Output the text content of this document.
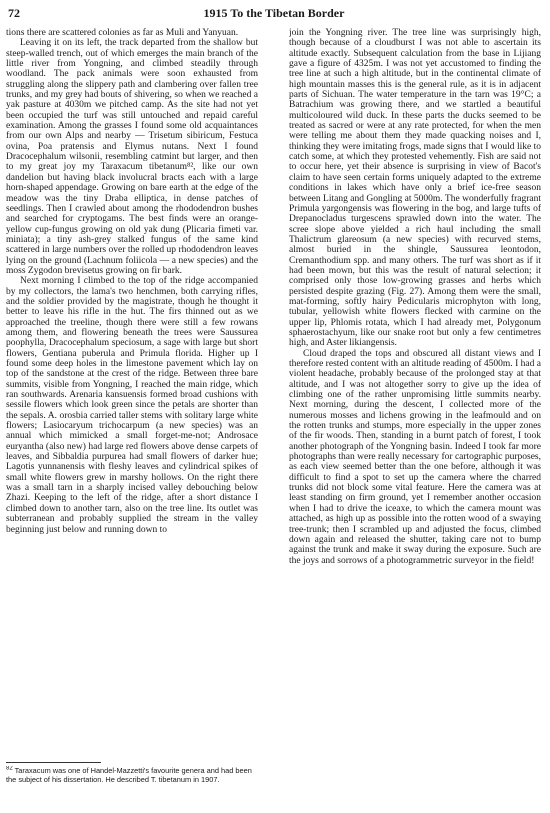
72	1915 To the Tibetan Border

tions there are scattered colonies as far as Muli and Yanyuan.

Leaving it on its left, the track departed from the shallow but steep-walled trench, out of which emerges the main branch of the little river from Yongning, and climbed steadily through woodland. The pack animals were soon exhausted from struggling along the slippery path and clambering over fallen tree trunks, and my grey had bouts of shivering, so when we reached a yak pasture at 4030m we pitched camp. As the site had not yet been occupied the turf was still untouched and repaid careful examination. Among the grasses I found some old acquaintances from our own Alps and nearby — Trisetum sibiricum, Festuca ovina, Poa pratensis and Elymus nutans. Next I found Dracocephalum wilsonii, resembling catmint but larger, and then to my great joy my Taraxacum tibetanum⁸², like our own dandelion but having black involucral bracts each with a large horn-shaped appendage. Growing on bare earth at the edge of the meadow was the tiny Draba elliptica, in dense patches of seedlings. Then I crawled about among the rhododendron bushes and searched for cryptogams. The best finds were an orange-yellow cup-fungus growing on old yak dung (Plicaria fimeti var. miniata); a tiny ash-grey stalked fungus of the same kind scattered in large numbers over the rolled up rhododendron leaves lying on the ground (Lachnum foliicola — a new species) and the moss Zygodon brevisetus growing on fir bark.

Next morning I climbed to the top of the ridge accompanied by my collectors, the lama's two henchmen, both carrying rifles, and the soldier provided by the magistrate, though he thought it better to leave his rifle in the hut. The firs thinned out as we approached the treeline, though there were still a few rowans among them, and flowering beneath the trees were Saussurea poophylla, Dracocephalum speciosum, a sage with large but short flowers, Gentiana puberula and Primula florida. Higher up I found some deep holes in the limestone pavement which lay on top of the sandstone at the crest of the ridge. Between three bare summits, visible from Yongning, I reached the main ridge, which ran southwards. Arenaria kansuensis formed broad cushions with sessile flowers which look green since the petals are shorter than the sepals. A. orosbia carried taller stems with solitary large white flowers; Lasiocaryum trichocarpum (a new species) was an annual which mimicked a small forget-me-not; Androsace euryantha (also new) had large red flowers above dense carpets of leaves, and Sibbaldia purpurea had small flowers of darker hue; Lagotis yunnanensis with fleshy leaves and cylindrical spikes of small white flowers grew in marshy hollows. On the right there was a small tarn in a sharply incised valley debouching below Zhazi. Keeping to the left of the ridge, after a short distance I climbed down to another tarn, also on the tree line. Its outlet was subterranean and probably supplied the stream in the valley beginning just below and running down to

join the Yongning river. The tree line was surprisingly high, though because of a cloudburst I was not able to ascertain its altitude exactly. Subsequent calculation from the base in Lijiang gave a figure of 4325m. I was not yet accustomed to finding the tree line at such a high altitude, but in the continental climate of high mountain masses this is the general rule, as it is in adjacent parts of Sichuan. The water temperature in the tarn was 19°C; a Batrachium was growing there, and we startled a beautiful multicoloured wild duck. In these parts the ducks seemed to be treated as sacred or were at any rate protected, for when the men were telling me about them they made quacking noises and I, thinking they were imitating frogs, made signs that I would like to catch some, at which they protested vehemently. Fish are said not to occur here, yet their absence is surprising in view of Bacot's claim to have seen certain forms uniquely adapted to the extreme conditions in lakes which have only a brief ice-free season between Litang and Gongling at 5000m. The wonderfully fragrant Primula yargongensis was flowering in the bog, and large tufts of Drepanocladus turgescens sprawled down into the water. The scree slope above yielded a rich haul including the small Thalictrum glareosum (a new species) with recurved stems, almost buried in the shingle, Saussurea leontodon, Cremanthodium spp. and many others. The turf was short as if it had been mown, but this was the result of natural selection; it comprised only those low-growing grasses and herbs which persisted despite grazing (Fig. 27). Among them were the small, mat-forming, softly hairy Pedicularis microphyton with long, tubular, yellowish white flowers flecked with carmine on the upper lip, Phlomis rotata, which I had already met, Polygonum sphaerostachyum, like our snake root but only a few centimetres high, and Aster likiangensis.

Cloud draped the tops and obscured all distant views and I therefore rested content with an altitude reading of 4500m. I had a violent headache, probably because of the prolonged stay at that altitude, and I was not altogether sorry to give up the idea of climbing one of the rather unpromising little summits nearby. Next morning, during the descent, I collected more of the numerous mosses and lichens growing in the leafmould and on the rotten trunks and stumps, more especially in the upper zones of the fir woods. Then, standing in a burnt patch of forest, I took another photograph of the Yongning basin. Indeed I took far more photographs than were really necessary for cartographic purposes, as each view seemed better than the one before, although it was difficult to find a spot to set up the camera where the charred trunks did not block some vital feature. Here the camera was at least standing on firm ground, yet I remember another occasion when I had to drive the iceaxe, to which the camera mount was attached, as high up as possible into the rotten wood of a swaying tree-trunk; then I scrambled up and adjusted the focus, climbed down again and released the shutter, taking care not to bump against the trunk and make it sway during the exposure. Such are the joys and sorrows of a photogrammetric surveyor in the field!

$^{82}$ Taraxacum was one of Handel-Mazzetti's favourite genera and had been the subject of his dissertation. He described T. tibetanum in 1907.
